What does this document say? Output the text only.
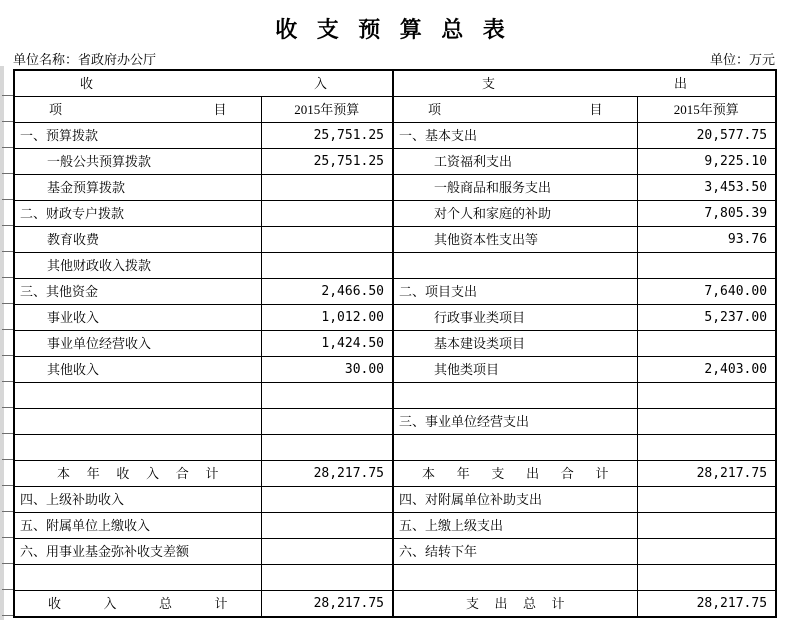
收 支 预 算 总 表
单位名称：省政府办公厅	单位：万元
收 入		支 出	
项 目	2015年预算	项 目	2015年预算
一、预算拨款	25,751.25	一、基本支出	20,577.75
一般公共预算拨款	25,751.25	工资福利支出	9,225.10
基金预算拨款		一般商品和服务支出	3,453.50
二、财政专户拨款		对个人和家庭的补助	7,805.39
教育收费		其他资本性支出等	93.76
其他财政收入拨款			
三、其他资金	2,466.50	二、项目支出	7,640.00
事业收入	1,012.00	行政事业类项目	5,237.00
事业单位经营收入	1,424.50	基本建设类项目	
其他收入	30.00	其他类项目	2,403.00

		三、事业单位经营支出	

本 年 收 入 合 计	28,217.75	本 年 支 出 合 计	28,217.75
四、上级补助收入		四、对附属单位补助支出	
五、附属单位上缴收入		五、上缴上级支出	
六、用事业基金弥补收支差额		六、结转下年	

收 入 总 计	28,217.75	支 出 总 计	28,217.75
